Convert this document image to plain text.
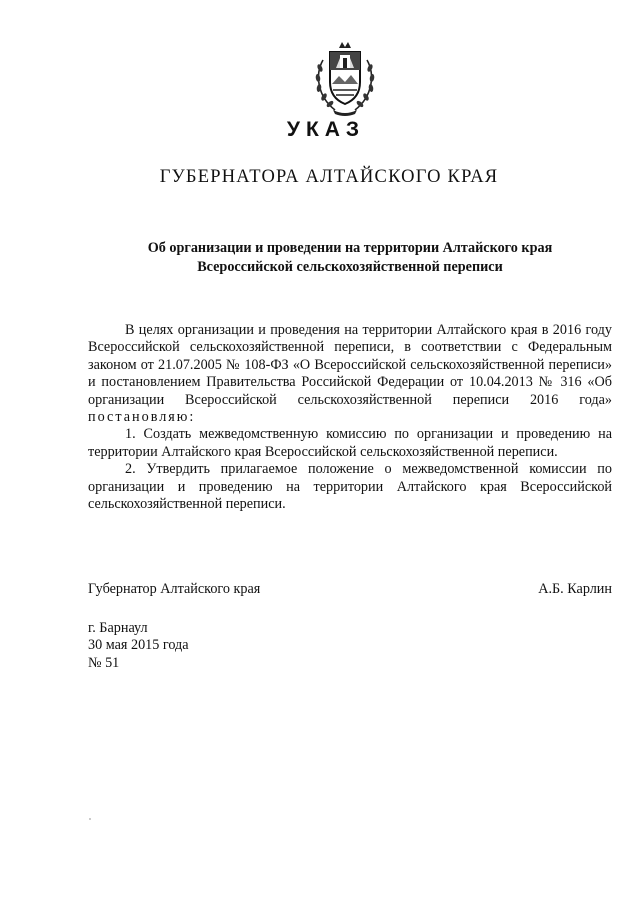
УКАЗ
ГУБЕРНАТОРА АЛТАЙСКОГО КРАЯ
Об организации и проведении на территории Алтайского края
Всероссийской сельскохозяйственной переписи

В целях организации и проведения на территории Алтайского края в 2016 году Всероссийской сельскохозяйственной переписи, в соответствии с Федеральным законом от 21.07.2005 № 108-ФЗ «О Всероссийской сельскохозяйственной переписи» и постановлением Правительства Российской Федерации от 10.04.2013 № 316 «Об организации Всероссийской сельскохозяйственной переписи 2016 года» постановляю:

1. Создать межведомственную комиссию по организации и проведению на территории Алтайского края Всероссийской сельскохозяйственной переписи.

2. Утвердить прилагаемое положение о межведомственной комиссии по организации и проведению на территории Алтайского края Всероссийской сельскохозяйственной переписи.

Губернатор Алтайского края	А.Б. Карлин
г. Барнаул
30 мая 2015 года
№ 51
